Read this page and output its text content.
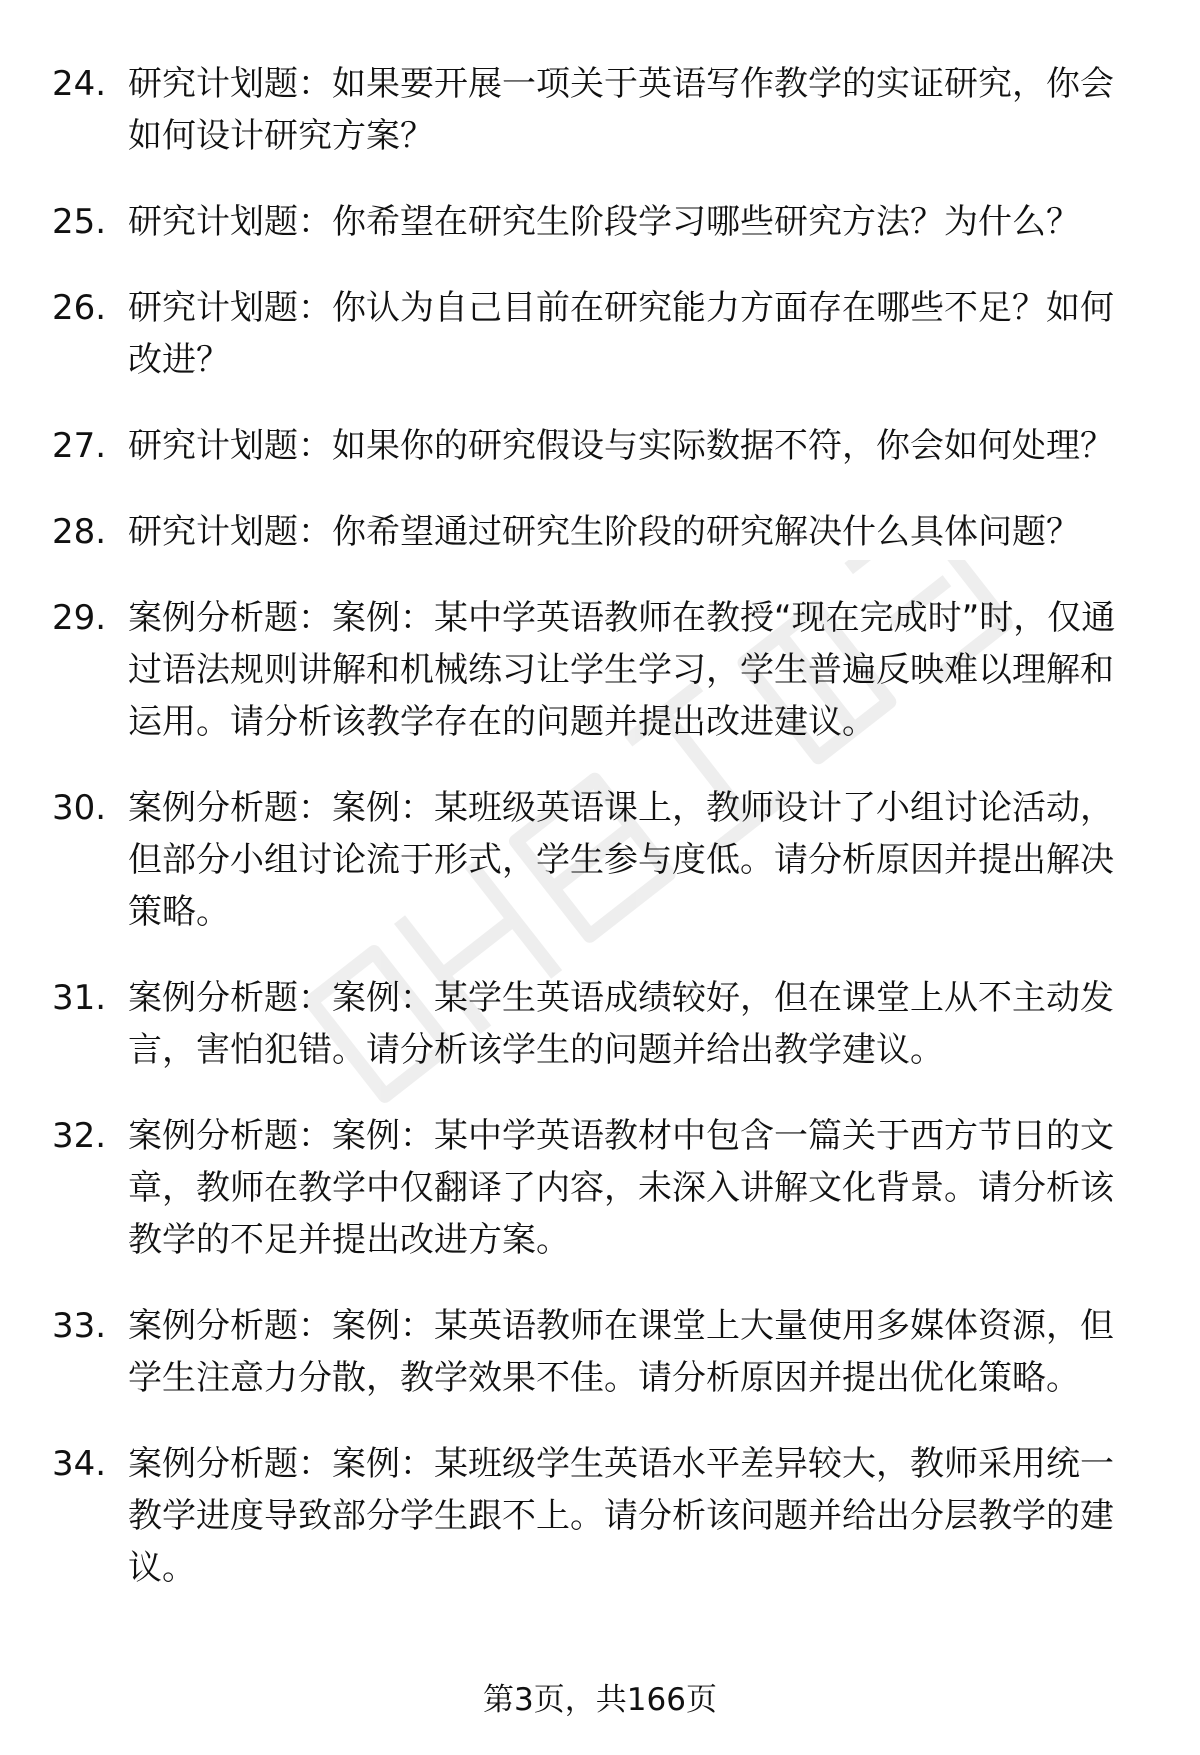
24. 研究计划题：如果要开展一项关于英语写作教学的实证研究，你会如何设计研究方案？
25. 研究计划题：你希望在研究生阶段学习哪些研究方法？为什么？
26. 研究计划题：你认为自己目前在研究能力方面存在哪些不足？如何改进？
27. 研究计划题：如果你的研究假设与实际数据不符，你会如何处理？
28. 研究计划题：你希望通过研究生阶段的研究解决什么具体问题？
29. 案例分析题：案例：某中学英语教师在教授“现在完成时”时，仅通过语法规则讲解和机械练习让学生学习，学生普遍反映难以理解和运用。请分析该教学存在的问题并提出改进建议。
30. 案例分析题：案例：某班级英语课上，教师设计了小组讨论活动，但部分小组讨论流于形式，学生参与度低。请分析原因并提出解决策略。
31. 案例分析题：案例：某学生英语成绩较好，但在课堂上从不主动发言，害怕犯错。请分析该学生的问题并给出教学建议。
32. 案例分析题：案例：某中学英语教材中包含一篇关于西方节日的文章，教师在教学中仅翻译了内容，未深入讲解文化背景。请分析该教学的不足并提出改进方案。
33. 案例分析题：案例：某英语教师在课堂上大量使用多媒体资源，但学生注意力分散，教学效果不佳。请分析原因并提出优化策略。
34. 案例分析题：案例：某班级学生英语水平差异较大，教师采用统一教学进度导致部分学生跟不上。请分析该问题并给出分层教学的建议。
第3页，共166页
